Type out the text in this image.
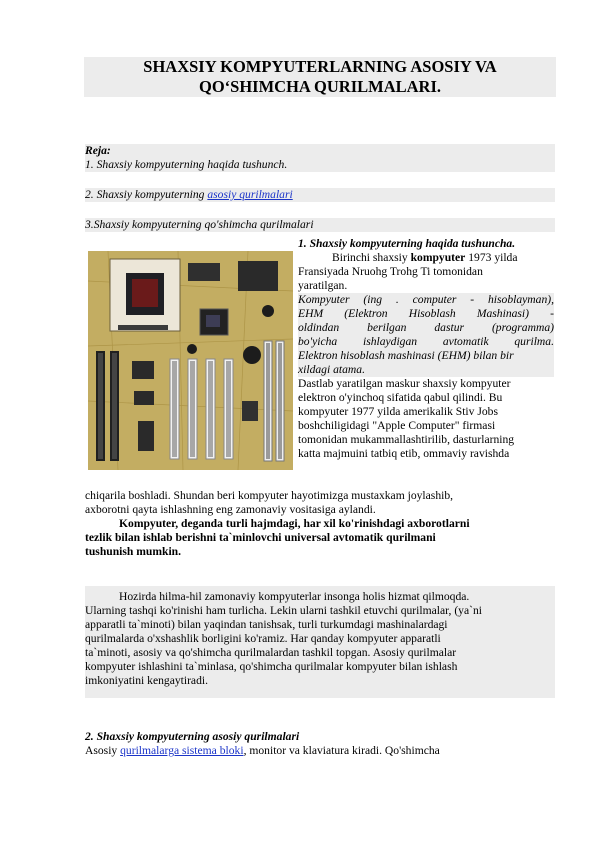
SHAXSIY KOMPYUTERLARNING ASOSIY VA
QO‘SHIMCHA QURILMALARI.
Reja:
1. Shaxsiy kompyuterning haqida tushunch.
2. Shaxsiy kompyuterning asosiy qurilmalari
3.Shaxsiy kompyuterning qo'shimcha qurilmalari
1. Shaxsiy kompyuterning haqida tushuncha.
Birinchi shaxsiy kompyuter 1973 yilda
Fransiyada Nruohg Trohg Ti tomonidan
yaratilgan.
Kompyuter (ing . computer - hisoblayman),
EHM (Elektron Hisoblash Mashinasi) -
oldindan berilgan dastur (programma)
bo'yicha ishlaydigan avtomatik qurilma.
Elektron hisoblash mashinasi (EHM) bilan bir
xildagi atama.
Dastlab yaratilgan maskur shaxsiy kompyuter
elektron o'yinchoq sifatida qabul qilindi. Bu
kompyuter 1977 yilda amerikalik Stiv Jobs
boshchiligidagi "Apple Computer" firmasi
tomonidan mukammallashtirilib, dasturlarning
katta majmuini tatbiq etib, ommaviy ravishda
chiqarila boshladi. Shundan beri kompyuter hayotimizga mustaxkam joylashib,
axborotni qayta ishlashning eng zamonaviy vositasiga aylandi.
Kompyuter, deganda turli hajmdagi, har xil ko'rinishdagi axborotlarni
tezlik bilan ishlab berishni ta`minlovchi universal avtomatik qurilmani
tushunish mumkin.
Hozirda hilma-hil zamonaviy kompyuterlar insonga holis hizmat qilmoqda.
Ularning tashqi ko'rinishi ham turlicha. Lekin ularni tashkil etuvchi qurilmalar, (ya`ni
apparatli ta`minoti) bilan yaqindan tanishsak, turli turkumdagi mashinalardagi
qurilmalarda o'xshashlik borligini ko'ramiz. Har qanday kompyuter apparatli
ta`minoti, asosiy va qo'shimcha qurilmalardan tashkil topgan. Asosiy qurilmalar
kompyuter ishlashini ta`minlasa, qo'shimcha qurilmalar kompyuter bilan ishlash
imkoniyatini kengaytiradi.
2. Shaxsiy kompyuterning asosiy qurilmalari
Asosiy qurilmalarga sistema bloki, monitor va klaviatura kiradi. Qo'shimcha
